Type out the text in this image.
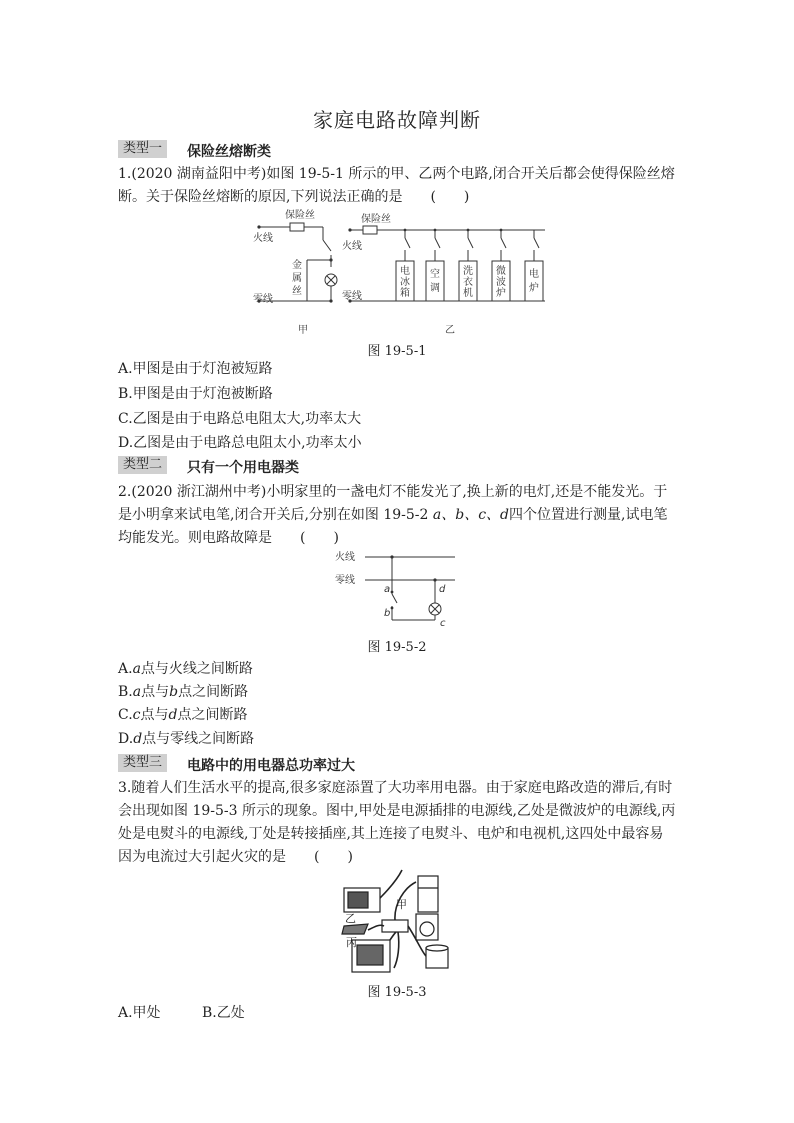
家庭电路故障判断
类型一	保险丝熔断类
1.(2020 湖南益阳中考)如图 19-5-1 所示的甲、乙两个电路,闭合开关后都会使得保险丝熔
断。关于保险丝熔断的原因,下列说法正确的是　　(　　)
保险丝	保险丝
火线
火线
零线	零线
金
属
丝
电
冰
箱
空
调
洗
衣
机
微
波
炉
电
炉
甲	乙
图 19-5-1
A.甲图是由于灯泡被短路
B.甲图是由于灯泡被断路
C.乙图是由于电路总电阻太大,功率太大
D.乙图是由于电路总电阻太小,功率太小
类型二	只有一个用电器类
2.(2020 浙江湖州中考)小明家里的一盏电灯不能发光了,换上新的电灯,还是不能发光。于
是小明拿来试电笔,闭合开关后,分别在如图 19-5-2 a、b、c、d四个位置进行测量,试电笔
均能发光。则电路故障是　　(　　)
火线
零线
a
b
c
d
图 19-5-2
A.a点与火线之间断路
B.a点与b点之间断路
C.c点与d点之间断路
D.d点与零线之间断路
类型三	电路中的用电器总功率过大
3.随着人们生活水平的提高,很多家庭添置了大功率用电器。由于家庭电路改造的滞后,有时
会出现如图 19-5-3 所示的现象。图中,甲处是电源插排的电源线,乙处是微波炉的电源线,丙
处是电熨斗的电源线,丁处是转接插座,其上连接了电熨斗、电炉和电视机,这四处中最容易
因为电流过大引起火灾的是　　(　　)
甲
乙
丙
图 19-5-3
A.甲处	B.乙处
